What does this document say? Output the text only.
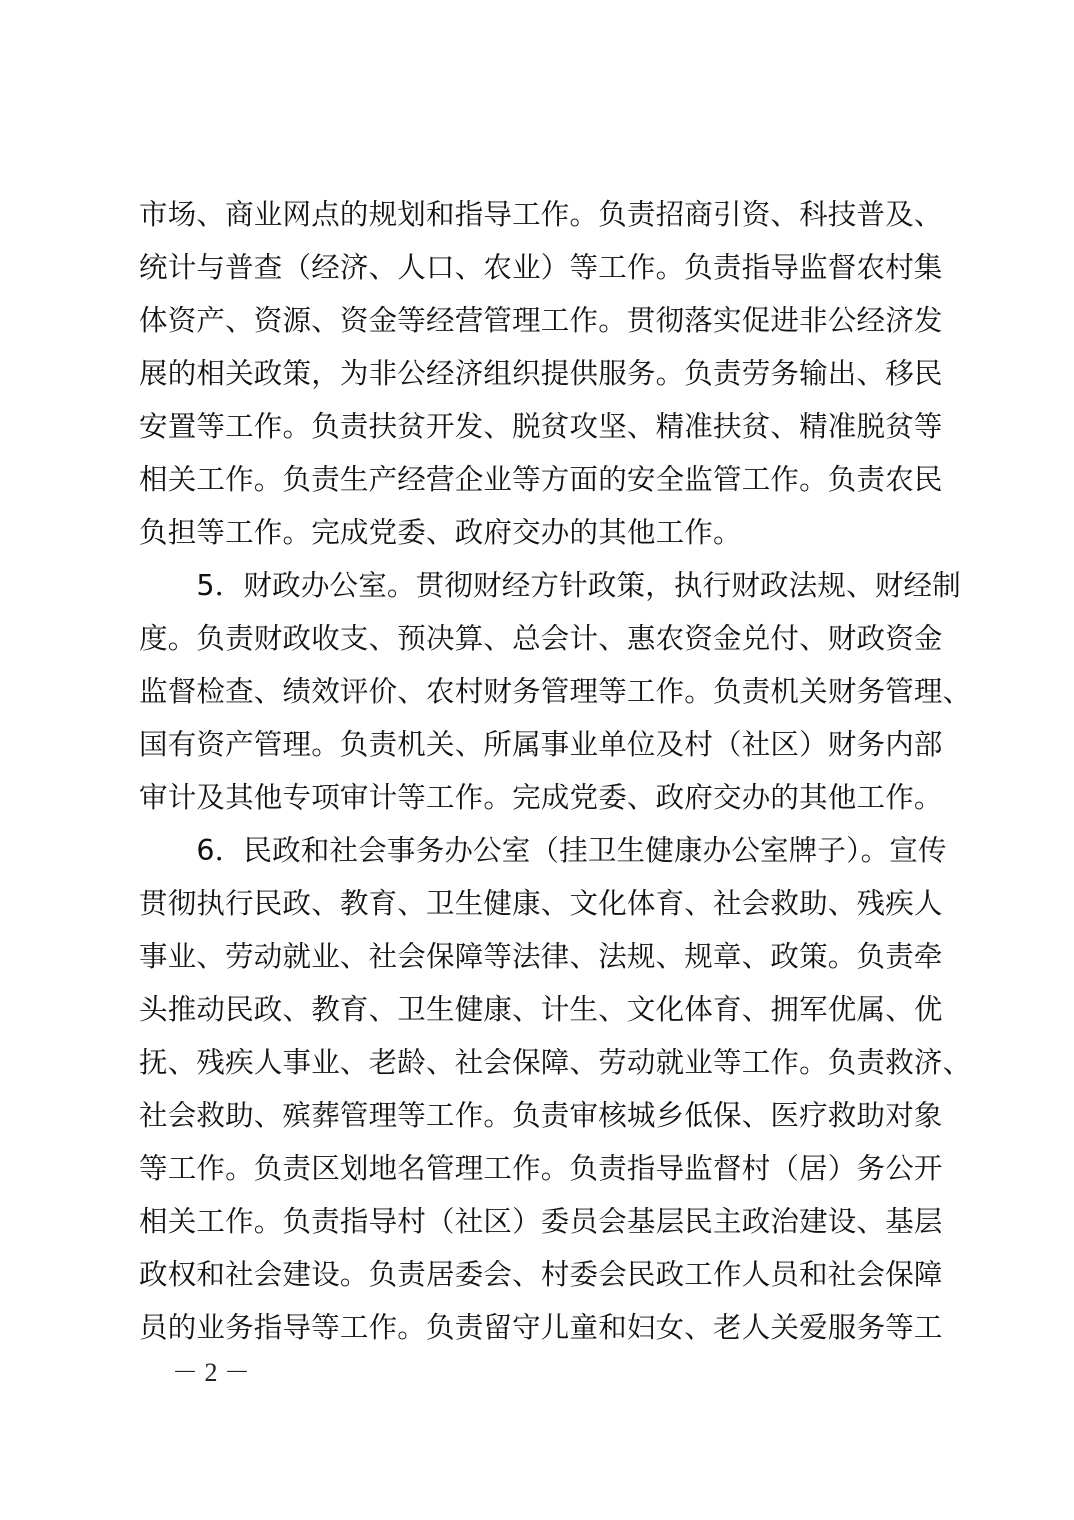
市场、商业网点的规划和指导工作。负责招商引资、科技普及、
统计与普查（经济、人口、农业）等工作。负责指导监督农村集
体资产、资源、资金等经营管理工作。贯彻落实促进非公经济发
展的相关政策，为非公经济组织提供服务。负责劳务输出、移民
安置等工作。负责扶贫开发、脱贫攻坚、精准扶贫、精准脱贫等
相关工作。负责生产经营企业等方面的安全监管工作。负责农民
负担等工作。完成党委、政府交办的其他工作。
　　5．财政办公室。贯彻财经方针政策，执行财政法规、财经制
度。负责财政收支、预决算、总会计、惠农资金兑付、财政资金
监督检查、绩效评价、农村财务管理等工作。负责机关财务管理、
国有资产管理。负责机关、所属事业单位及村（社区）财务内部
审计及其他专项审计等工作。完成党委、政府交办的其他工作。
　　6．民政和社会事务办公室（挂卫生健康办公室牌子）。宣传
贯彻执行民政、教育、卫生健康、文化体育、社会救助、残疾人
事业、劳动就业、社会保障等法律、法规、规章、政策。负责牵
头推动民政、教育、卫生健康、计生、文化体育、拥军优属、优
抚、残疾人事业、老龄、社会保障、劳动就业等工作。负责救济、
社会救助、殡葬管理等工作。负责审核城乡低保、医疗救助对象
等工作。负责区划地名管理工作。负责指导监督村（居）务公开
相关工作。负责指导村（社区）委员会基层民主政治建设、基层
政权和社会建设。负责居委会、村委会民政工作人员和社会保障
员的业务指导等工作。负责留守儿童和妇女、老人关爱服务等工
－ 2 －
